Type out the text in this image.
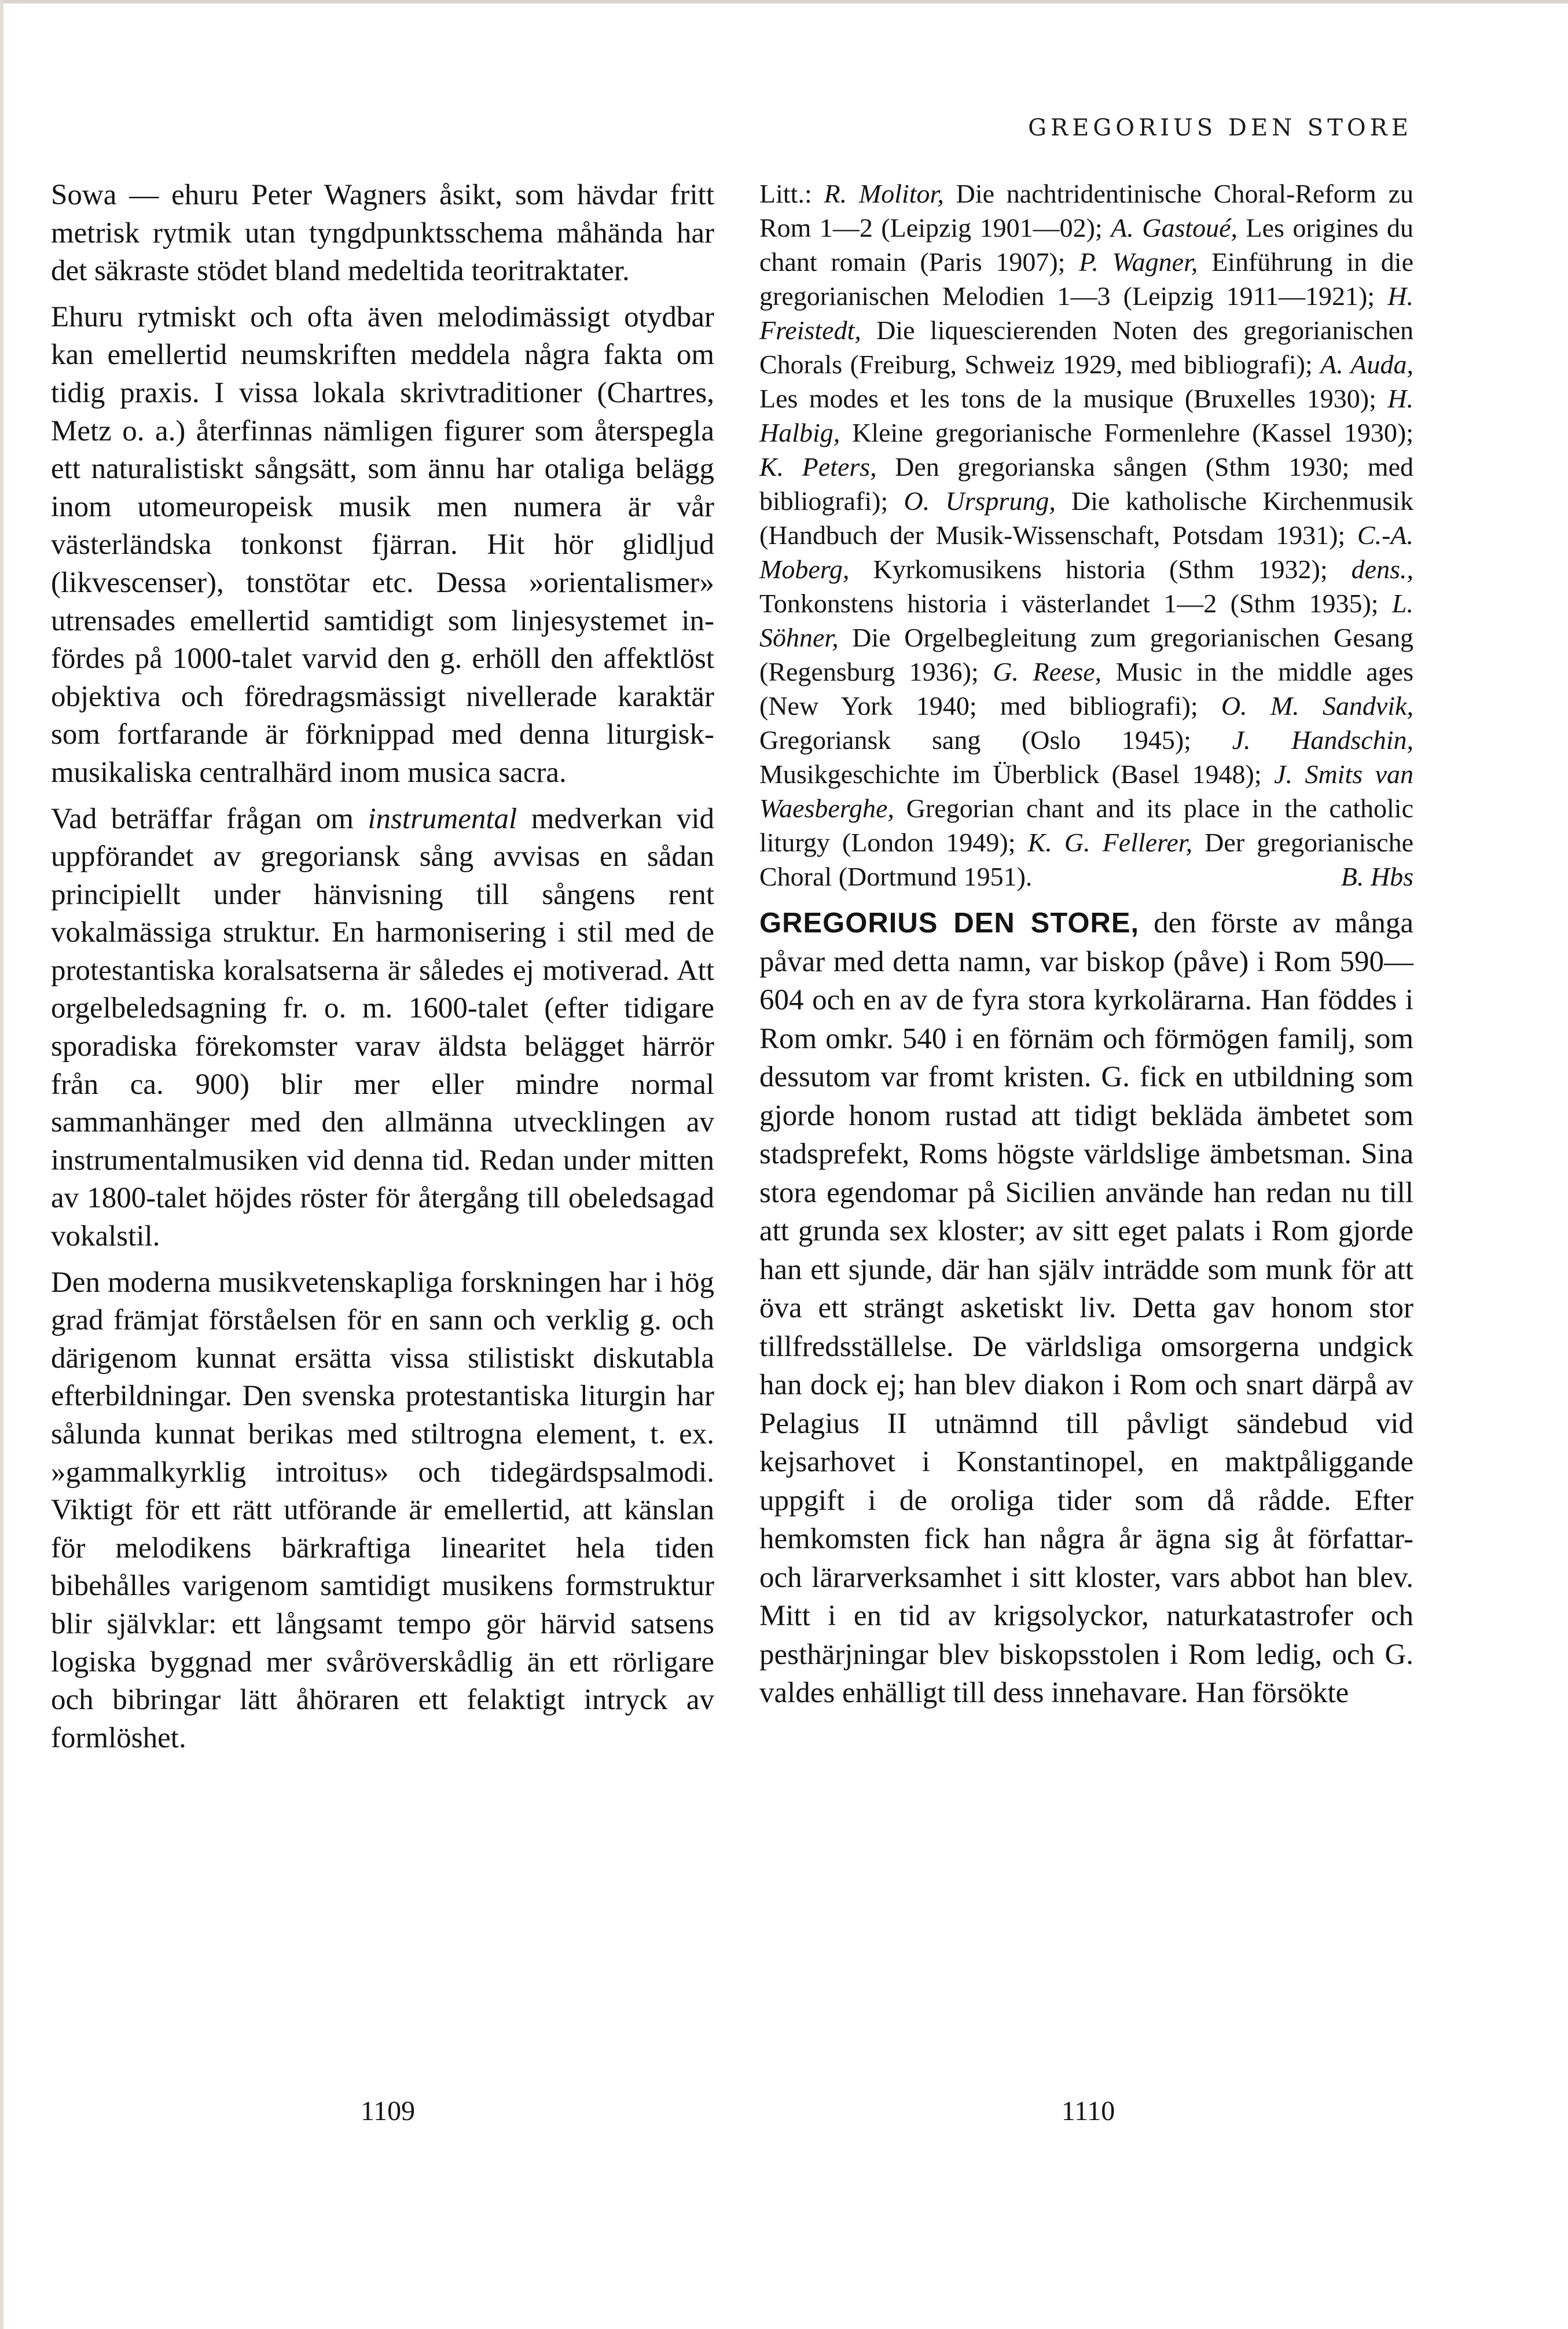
GREGORIUS DEN STORE

Sowa — ehuru Peter Wagners åsikt, som hävdar fritt metrisk rytmik utan tyngdpunktsschema måhända har det säkraste stödet bland medeltida teoritraktater.

Ehuru rytmiskt och ofta även melodimässigt otydbar kan emellertid neumskriften meddela några fakta om tidig praxis. I vissa lokala skrivtraditioner (Chartres, Metz o. a.) återfinnas nämligen figurer som återspegla ett naturalistiskt sångsätt, som ännu har otaliga belägg inom utomeuropeisk musik men numera är vår västerländska tonkonst fjärran. Hit hör glidljud (likvescenser), tonstötar etc. Dessa »orientalismer» utrensades emellertid samtidigt som linjesystemet infördes på 1000-talet varvid den g. erhöll den affektlöst objektiva och föredragsmässigt nivellerade karaktär som fortfarande är förknippad med denna liturgisk-musikaliska centralhärd inom musica sacra.

Vad beträffar frågan om instrumental medverkan vid uppförandet av gregoriansk sång avvisas en sådan principiellt under hänvisning till sångens rent vokalmässiga struktur. En harmonisering i stil med de protestantiska koralsatserna är således ej motiverad. Att orgelbeledsagning fr. o. m. 1600-talet (efter tidigare sporadiska förekomster varav äldsta belägget härrör från ca. 900) blir mer eller mindre normal sammanhänger med den allmänna utvecklingen av instrumentalmusiken vid denna tid. Redan under mitten av 1800-talet höjdes röster för återgång till obeledsagad vokalstil.

Den moderna musikvetenskapliga forskningen har i hög grad främjat förståelsen för en sann och verklig g. och därigenom kunnat ersätta vissa stilistiskt diskutabla efterbildningar. Den svenska protestantiska liturgin har sålunda kunnat berikas med stiltrogna element, t. ex. »gammalkyrklig introitus» och tidegärdspsalmodi. Viktigt för ett rätt utförande är emellertid, att känslan för melodikens bärkraftiga linearitet hela tiden bibehålles varigenom samtidigt musikens formstruktur blir självklar: ett långsamt tempo gör härvid satsens logiska byggnad mer svåröverskådlig än ett rörligare och bibringar lätt åhöraren ett felaktigt intryck av formlöshet.

Litt.: R. Molitor, Die nachtridentinische Choral-Reform zu Rom 1—2 (Leipzig 1901—02); A. Gastoué, Les origines du chant romain (Paris 1907); P. Wagner, Einführung in die gregorianischen Melodien 1—3 (Leipzig 1911—1921); H. Freistedt, Die liquescierenden Noten des gregorianischen Chorals (Freiburg, Schweiz 1929, med bibliografi); A. Auda, Les modes et les tons de la musique (Bruxelles 1930); H. Halbig, Kleine gregorianische Formenlehre (Kassel 1930); K. Peters, Den gregorianska sången (Sthm 1930; med bibliografi); O. Ursprung, Die katholische Kirchenmusik (Handbuch der Musik-Wissenschaft, Potsdam 1931); C.-A. Moberg, Kyrkomusikens historia (Sthm 1932); dens., Tonkonstens historia i västerlandet 1—2 (Sthm 1935); L. Söhner, Die Orgelbegleitung zum gregorianischen Gesang (Regensburg 1936); G. Reese, Music in the middle ages (New York 1940; med bibliografi); O. M. Sandvik, Gregoriansk sang (Oslo 1945); J. Handschin, Musikgeschichte im Überblick (Basel 1948); J. Smits van Waesberghe, Gregorian chant and its place in the catholic liturgy (London 1949); K. G. Fellerer, Der gregorianische Choral (Dortmund 1951).	B. Hbs

GREGORIUS DEN STORE, den förste av många påvar med detta namn, var biskop (påve) i Rom 590—604 och en av de fyra stora kyrkolärarna. Han föddes i Rom omkr. 540 i en förnäm och förmögen familj, som dessutom var fromt kristen. G. fick en utbildning som gjorde honom rustad att tidigt bekläda ämbetet som stadsprefekt, Roms högste världslige ämbetsman. Sina stora egendomar på Sicilien använde han redan nu till att grunda sex kloster; av sitt eget palats i Rom gjorde han ett sjunde, där han själv inträdde som munk för att öva ett strängt asketiskt liv. Detta gav honom stor tillfredsställelse. De världsliga omsorgerna undgick han dock ej; han blev diakon i Rom och snart därpå av Pelagius II utnämnd till påvligt sändebud vid kejsarhovet i Konstantinopel, en maktpåliggande uppgift i de oroliga tider som då rådde. Efter hemkomsten fick han några år ägna sig åt författar- och lärarverksamhet i sitt kloster, vars abbot han blev. Mitt i en tid av krigsolyckor, naturkatastrofer och pesthärjningar blev biskopsstolen i Rom ledig, och G. valdes enhälligt till dess innehavare. Han försökte

1109	1110
